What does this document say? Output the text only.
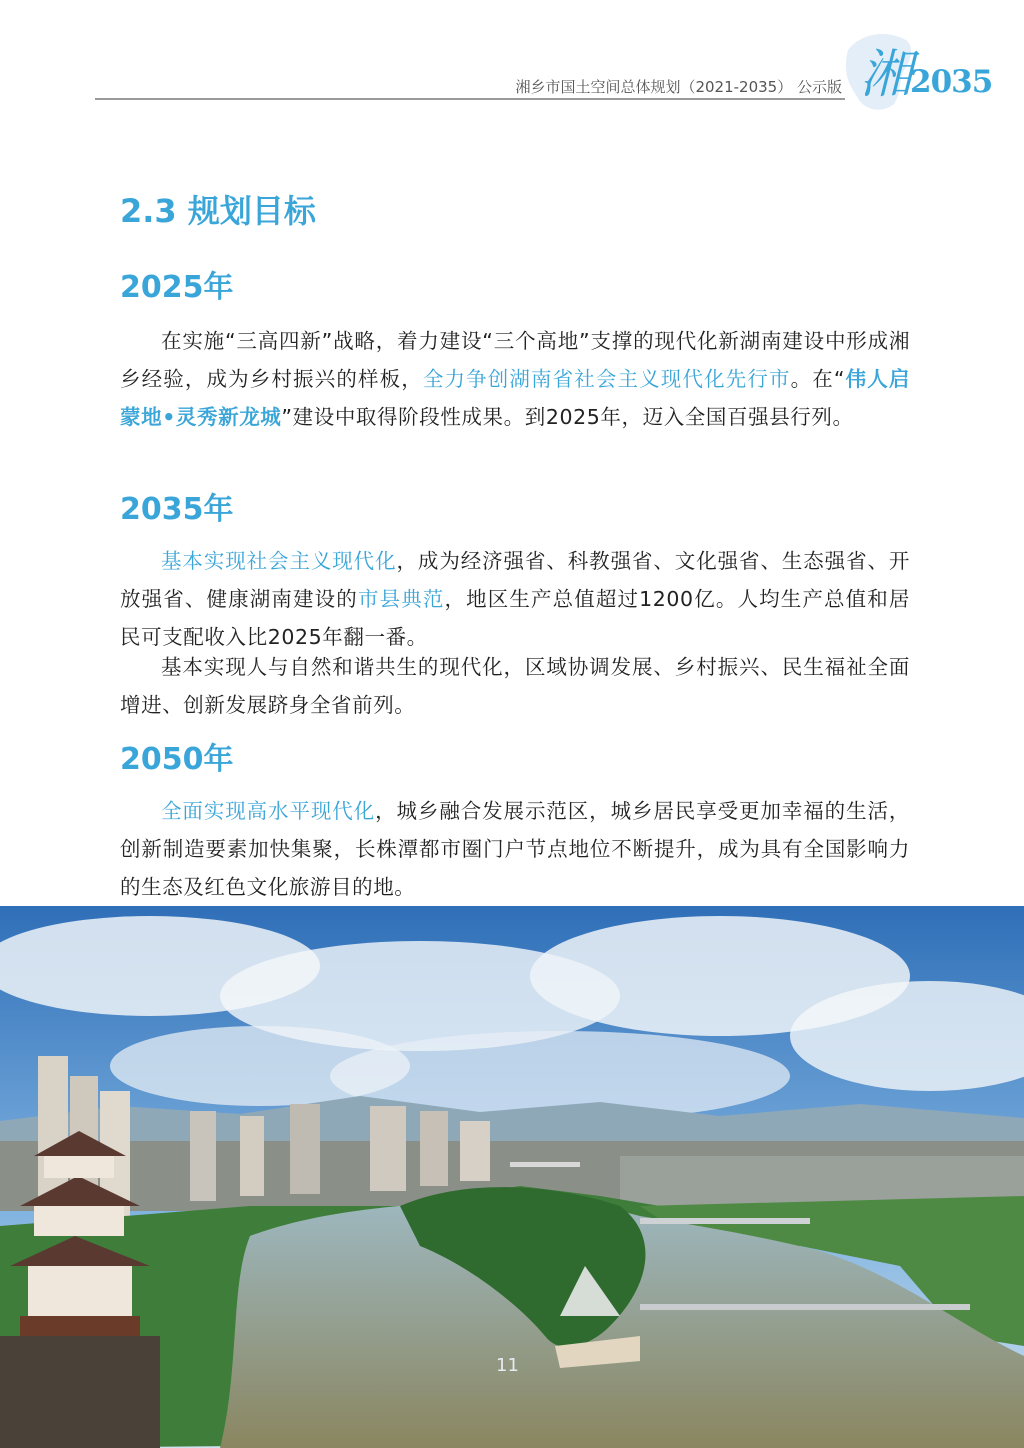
湘乡市国土空间总体规划（2021-2035） 公示版 湘
2035
2.3 规划目标
2025年

在实施“三高四新”战略，着力建设“三个高地”支撑的现代化新湖南建设中形成湘乡经验，成为乡村振兴的样板，全力争创湖南省社会主义现代化先行市。在“伟人启蒙地•灵秀新龙城”建设中取得阶段性成果。到2025年，迈入全国百强县行列。

2035年

基本实现社会主义现代化，成为经济强省、科教强省、文化强省、生态强省、开放强省、健康湖南建设的市县典范，地区生产总值超过1200亿。人均生产总值和居民可支配收入比2025年翻一番。

基本实现人与自然和谐共生的现代化，区域协调发展、乡村振兴、民生福祉全面增进、创新发展跻身全省前列。

2050年

全面实现高水平现代化，城乡融合发展示范区，城乡居民享受更加幸福的生活，创新制造要素加快集聚，长株潭都市圈门户节点地位不断提升，成为具有全国影响力的生态及红色文化旅游目的地。

11
